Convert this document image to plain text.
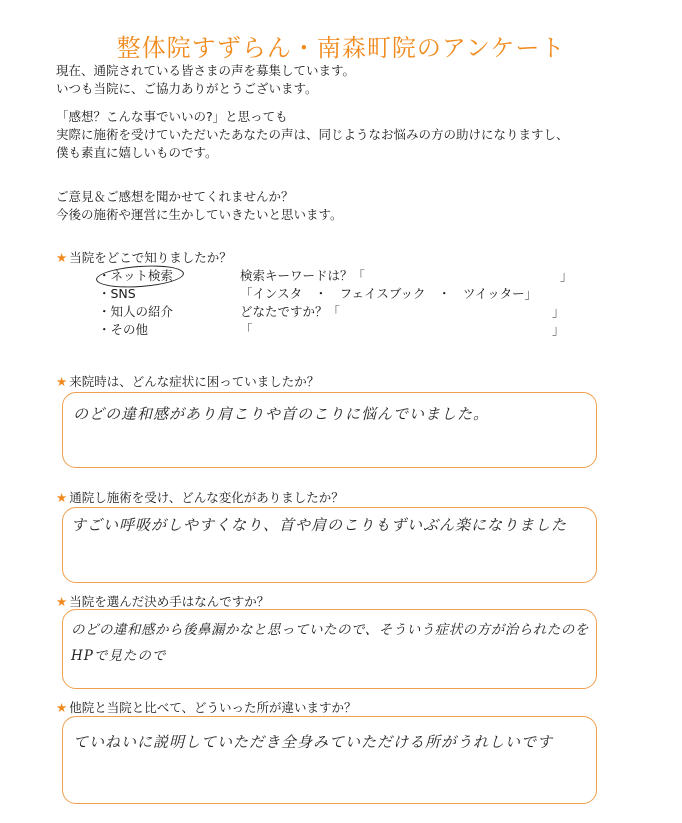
整体院すずらん・南森町院のアンケート

現在、通院されている皆さまの声を募集しています。

いつも当院に、ご協力ありがとうございます。

「感想？こんな事でいいの?」と思っても

実際に施術を受けていただいたあなたの声は、同じようなお悩みの方の助けになりますし、

僕も素直に嬉しいものです。

ご意見＆ご感想を聞かせてくれませんか？

今後の施術や運営に生かしていきたいと思います。

★ 当院をどこで知りましたか？
・ネット検索	検索キーワードは？「	」
・SNS	「インスタ　・　フェイスブック　・　ツイッター」
・知人の紹介	どなたですか？「	」
・その他	「	」
★ 来院時は、どんな症状に困っていましたか？
のどの違和感があり肩こりや首のこりに悩んでいました。
★ 通院し施術を受け、どんな変化がありましたか？
すごい呼吸がしやすくなり、首や肩のこりもずいぶん楽になりました
★ 当院を選んだ決め手はなんですか？
のどの違和感から後鼻漏かなと思っていたので、そういう症状の方が治られたのを
HPで見たので
★ 他院と当院と比べて、どういった所が違いますか？
ていねいに説明していただき全身みていただける所がうれしいです
